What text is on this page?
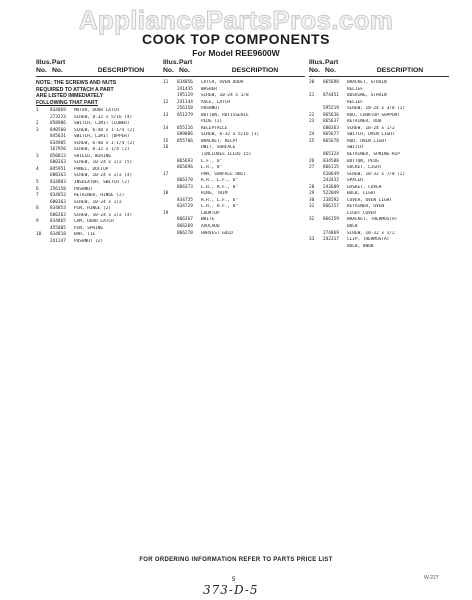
AppliancePartsPros.com
COOK TOP COMPONENTS
For Model REE9600W
Illus. Part
No. No.	DESCRIPTION
NOTE: THE SCREWS AND NUTS
REQUIRED TO ATTACH A PART
ARE LISTED IMMEDIATELY
FOLLOWING THAT PART
1	834869	MOTOR, DOOR LATCH
273223	SCREW, 8-32 x 5/16 (4)
2	858906	SWITCH, LIMIT (LOWER)
3	840560	SCREW, 6-40 x 1-1/4 (2)
845631	SWITCH, LIMIT (UPPER)
834905	SCREW, 6-40 x 1-1/4 (2)
167950	SCREW, 8-32 x 1/4 (2)
3	850813	SHIELD, WIRING
680363	SCREW, 10-24 x 1/2 (5)
4	845951	PANEL, DUCTOP
680363	SCREW, 10-24 x 1/2 (4)
5	834803	INSULATOR, SWITCH (2)
6	256158	PUSHNUT
7	834853	RETAINER, HINGE (2)
680363	SCREW, 10-24 x 1/2
8	834853	PIN, HINGE (2)
680363	SCREW, 10-24 x 1/2 (4)
9	834865	CAM, DOOR LATCH
455005	PIN, SPRING
10	834818	BAR, TIE
241147	PUSHNUT (2)
Illus. Part
No. No.	DESCRIPTION
11	834856	CATCH, OVEN DOOR
241435	WASHER
195129	SCREW, 10-24 x 1/8
12	241144	AXLE, LATCH
256158	PUSHNUT
13	851279	BUTTON, ROTISSERIE
PLUG (2)
14	855116	RECEPTACLE
689006	SCREW, 6-32 x 5/16 (1)
15	855706	BRACKET, RECPT
16	UNIT, SURFACE
(INCLUDES ILLUS 15)
865693	L.F., 6"
865696	L.R., 8"
17	PAN, SURFACE UNIT
866370	R.R., L.F., 6"
866373	L.R., R.F., 8"
18	RING, TRIM
834735	R.R., L.F., 6"
834729	L.R., R.F., 8"
19	COOKTOP
866267	WHITE
866269	AVOCADO
866270	HARVEST GOLD
Illus. Part
No. No.	DESCRIPTION
20	865698	BRACKET, STRAIN
RELIEF
21	874451	BUSHING, STRAIN
RELIEF
595219	SCREW, 10-24 x 3/8 (2)
22	865636	ROD, COOKTOP SUPPORT
23	865637	RETAINER, ROD
680363	SCREW, 10-24 x 1/2
24	865677	SWITCH, OVEN LIGHT
25	865678	ROD, OVEN LIGHT
SWITCH
865124	RETAINER, SPRING-RIP
26	834588	BUTTON, PLUG
27	866115	SOCKET, LIGHT
618649	SCREW, 10-32 x 7/8 (2)
243432	SPACER
28	243609	GASKET, COVER
29	522049	BULB, LIGHT
30	238592	COVER, OVEN LIGHT
31	866157	RETAINER, OVEN
LIGHT COVER
32	866159	BRACKET, THERMOSTAT
BULB
274869	SCREW, 10-32 x 1/2
33	242317	CLIP, THERMOSTAT
BULB, KNOB
FOR ORDERING INFORMATION REFER TO PARTS PRICE LIST
5	W-227
373-D-5
